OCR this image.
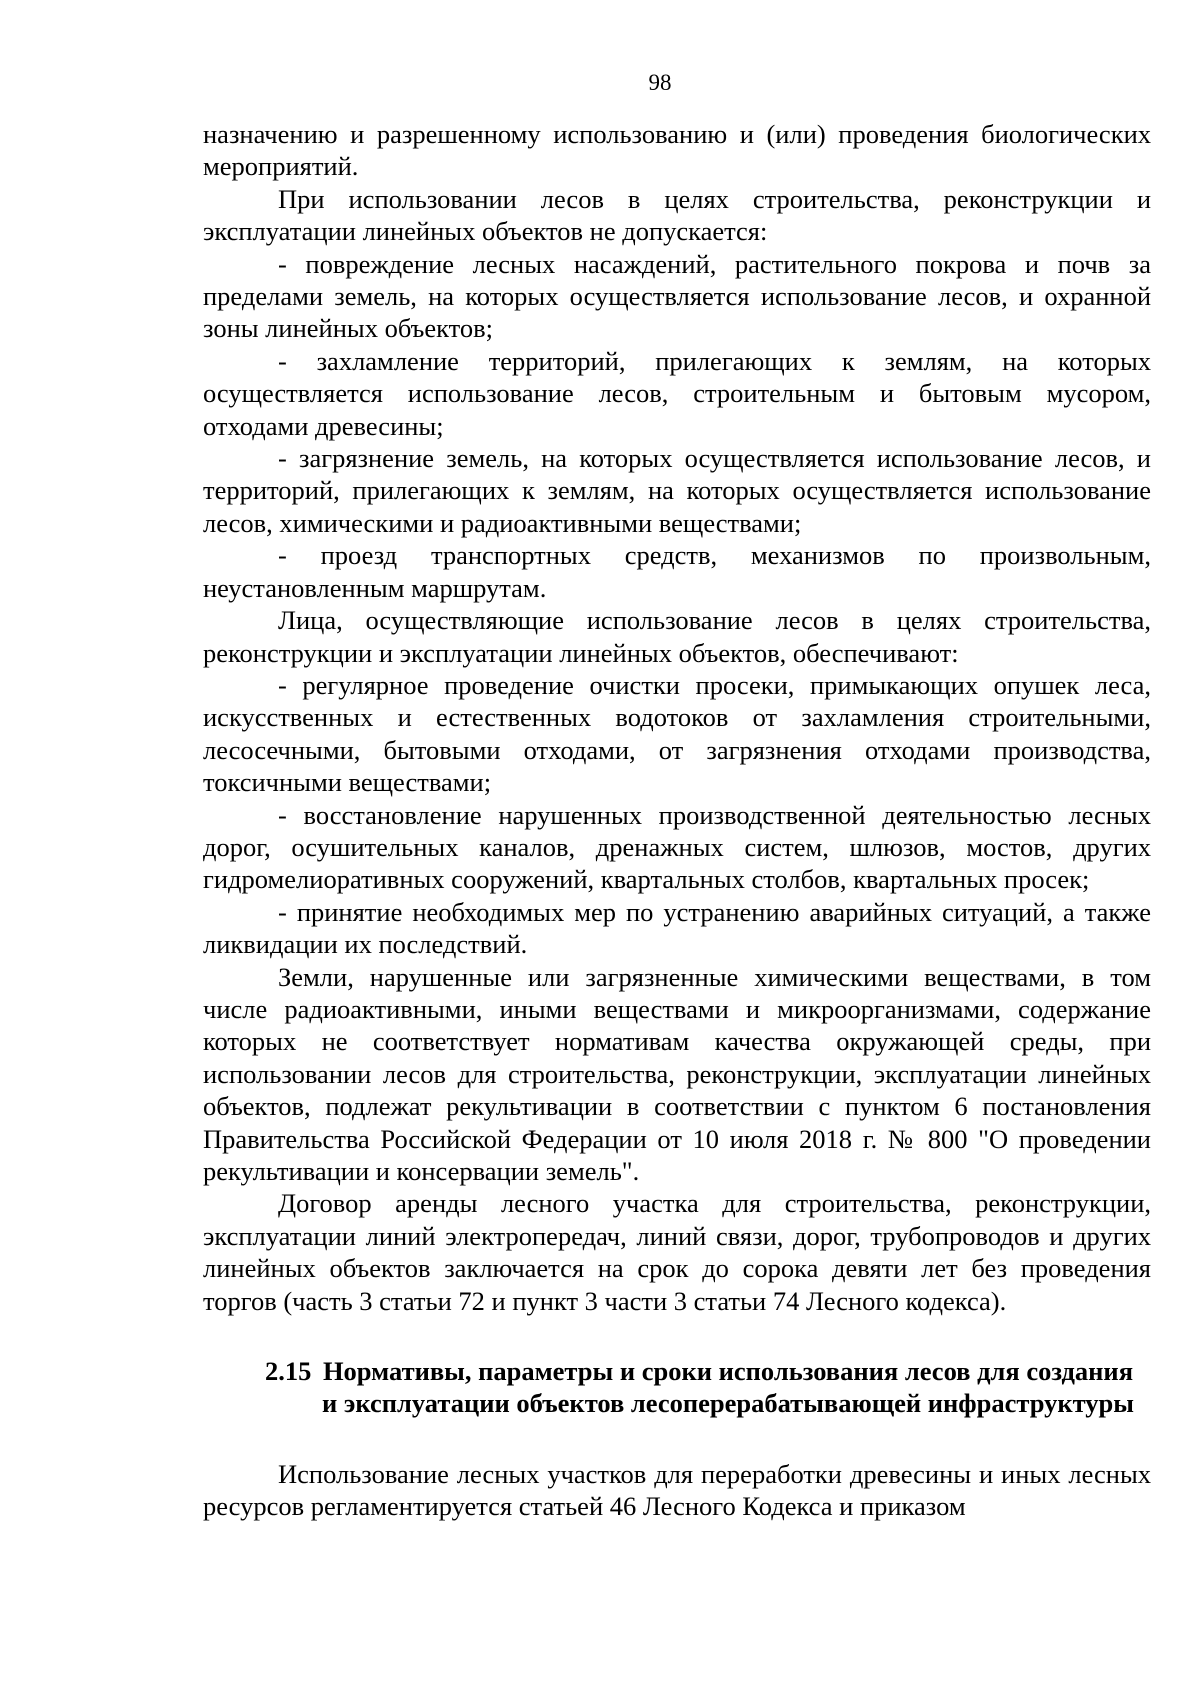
98

назначению и разрешенному использованию и (или) проведения биологических мероприятий.

При использовании лесов в целях строительства, реконструкции и эксплуатации линейных объектов не допускается:

- повреждение лесных насаждений, растительного покрова и почв за пределами земель, на которых осуществляется использование лесов, и охранной зоны линейных объектов;

- захламление территорий, прилегающих к землям, на которых осуществляется использование лесов, строительным и бытовым мусором, отходами древесины;

- загрязнение земель, на которых осуществляется использование лесов, и территорий, прилегающих к землям, на которых осуществляется использование лесов, химическими и радиоактивными веществами;

- проезд транспортных средств, механизмов по произвольным, неустановленным маршрутам.

Лица, осуществляющие использование лесов в целях строительства, реконструкции и эксплуатации линейных объектов, обеспечивают:

- регулярное проведение очистки просеки, примыкающих опушек леса, искусственных и естественных водотоков от захламления строительными, лесосечными, бытовыми отходами, от загрязнения отходами производства, токсичными веществами;

- восстановление нарушенных производственной деятельностью лесных дорог, осушительных каналов, дренажных систем, шлюзов, мостов, других гидромелиоративных сооружений, квартальных столбов, квартальных просек;

- принятие необходимых мер по устранению аварийных ситуаций, а также ликвидации их последствий.

Земли, нарушенные или загрязненные химическими веществами, в том числе радиоактивными, иными веществами и микроорганизмами, содержание которых не соответствует нормативам качества окружающей среды, при использовании лесов для строительства, реконструкции, эксплуатации линейных объектов, подлежат рекультивации в соответствии с пунктом 6 постановления Правительства Российской Федерации от 10 июля 2018 г. № 800 "О проведении рекультивации и консервации земель".

Договор аренды лесного участка для строительства, реконструкции, эксплуатации линий электропередач, линий связи, дорог, трубопроводов и других линейных объектов заключается на срок до сорока девяти лет без проведения торгов (часть 3 статьи 72 и пункт 3 части 3 статьи 74 Лесного кодекса).

2.15 Нормативы, параметры и сроки использования лесов для создания и эксплуатации объектов лесоперерабатывающей инфраструктуры

Использование лесных участков для переработки древесины и иных лесных ресурсов регламентируется статьей 46 Лесного Кодекса и приказом
